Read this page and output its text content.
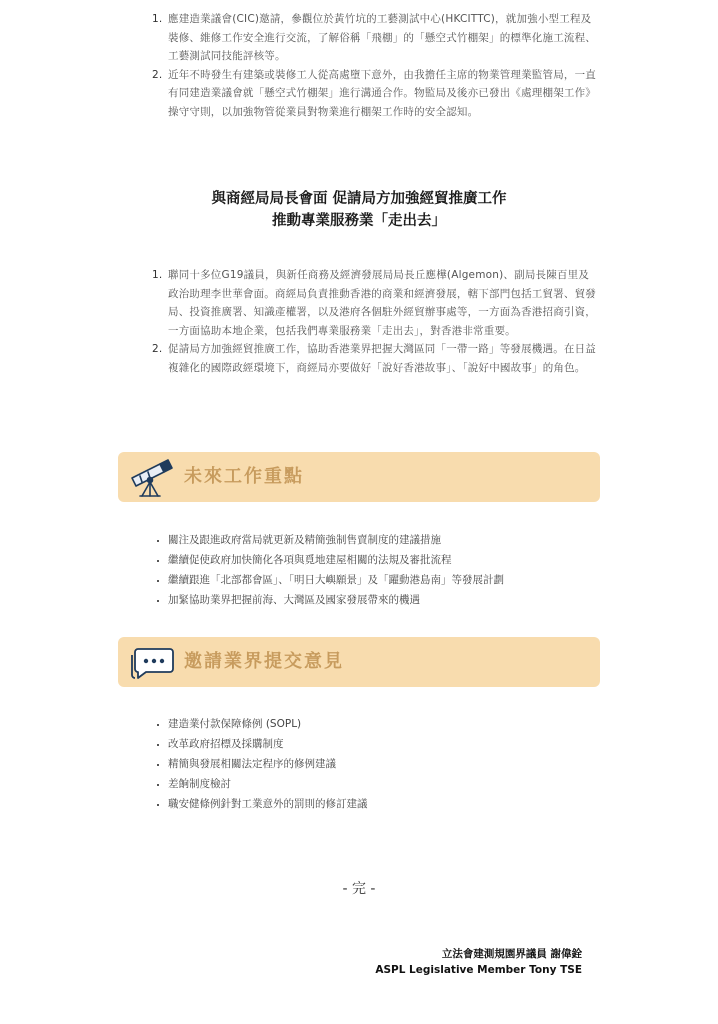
1. 應建造業議會(CIC)邀請，參觀位於黃竹坑的工藝測試中心(HKCITTC)，就加強小型工程及裝修、維修工作安全進行交流，了解俗稱「飛棚」的「懸空式竹棚架」的標準化施工流程、工藝測試同技能評核等。
2. 近年不時發生有建築或裝修工人從高處墮下意外，由我擔任主席的物業管理業監管局，一直有同建造業議會就「懸空式竹棚架」進行溝通合作。物監局及後亦已發出《處理棚架工作》操守守則，以加強物管從業員對物業進行棚架工作時的安全認知。
與商經局局長會面 促請局方加強經貿推廣工作
推動專業服務業「走出去」
1. 聯同十多位G19議員，與新任商務及經濟發展局局長丘應樺(Algemon)、副局長陳百里及政治助理李世華會面。商經局負責推動香港的商業和經濟發展，轄下部門包括工貿署、貿發局、投資推廣署、知識產權署，以及港府各個駐外經貿辦事處等，一方面為香港招商引資，一方面協助本地企業，包括我們專業服務業「走出去」，對香港非常重要。
2. 促請局方加強經貿推廣工作，協助香港業界把握大灣區同「一帶一路」等發展機遇。在日益複雜化的國際政經環境下，商經局亦要做好「說好香港故事」、「說好中國故事」的角色。
未來工作重點
• 關注及跟進政府當局就更新及精簡強制售賣制度的建議措施
• 繼續促使政府加快簡化各項與覓地建屋相關的法規及審批流程
• 繼續跟進「北部都會區」、「明日大嶼願景」及「躍動港島南」等發展計劃
• 加緊協助業界把握前海、大灣區及國家發展帶來的機遇
邀請業界提交意見
• 建造業付款保障條例 (SOPL)
• 改革政府招標及採購制度
• 精簡與發展相關法定程序的修例建議
• 差餉制度檢討
• 職安健條例針對工業意外的罰則的修訂建議
- 完 -
立法會建測規園界議員 謝偉銓
ASPL Legislative Member Tony TSE
